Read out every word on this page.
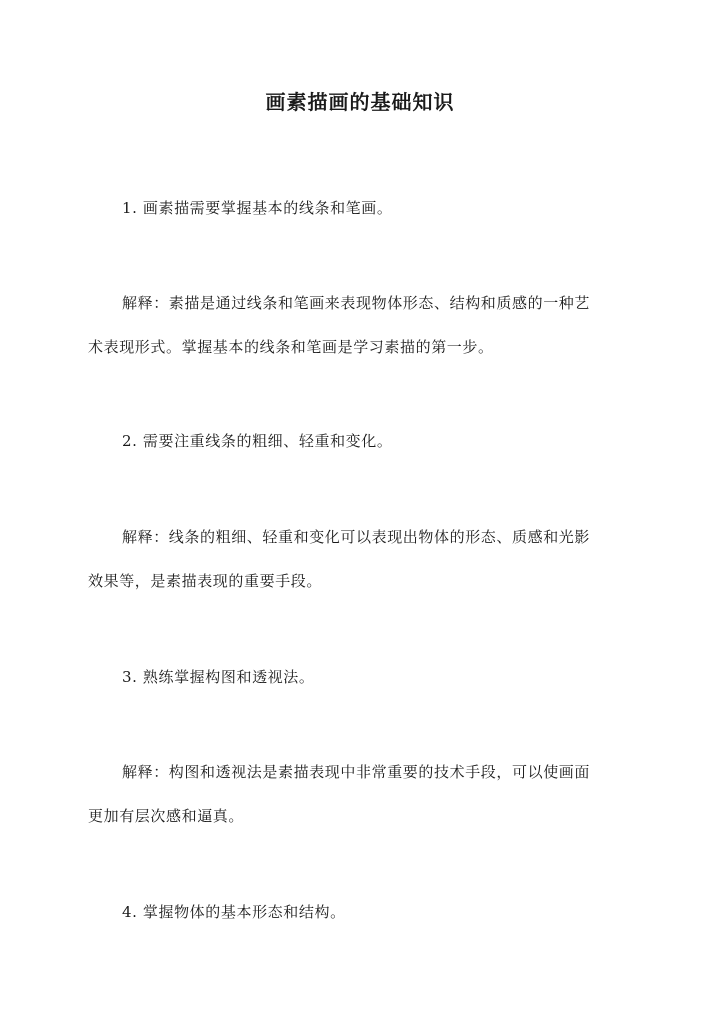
画素描画的基础知识
1. 画素描需要掌握基本的线条和笔画。
解释：素描是通过线条和笔画来表现物体形态、结构和质感的一种艺
术表现形式。掌握基本的线条和笔画是学习素描的第一步。
2. 需要注重线条的粗细、轻重和变化。
解释：线条的粗细、轻重和变化可以表现出物体的形态、质感和光影
效果等，是素描表现的重要手段。
3. 熟练掌握构图和透视法。
解释：构图和透视法是素描表现中非常重要的技术手段，可以使画面
更加有层次感和逼真。
4. 掌握物体的基本形态和结构。
